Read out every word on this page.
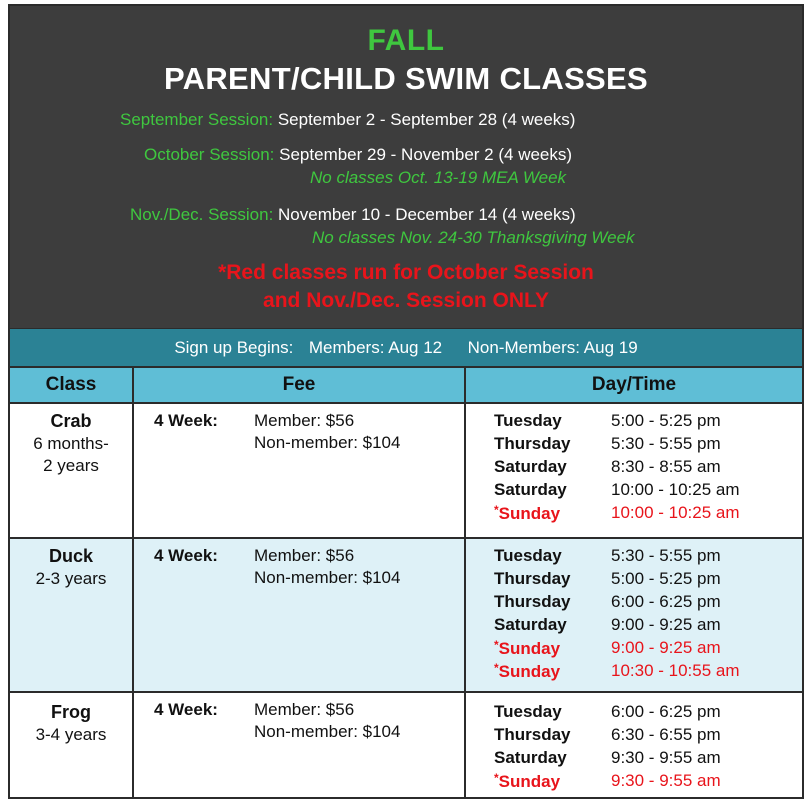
FALL
PARENT/CHILD SWIM CLASSES
September Session: September 2 - September 28 (4 weeks)
October Session: September 29 - November 2 (4 weeks)
No classes Oct. 13-19 MEA Week
Nov./Dec. Session: November 10 - December 14 (4 weeks)
No classes Nov. 24-30 Thanksgiving Week
*Red classes run for October Session
and Nov./Dec. Session ONLY
Sign up Begins: Members: Aug 12 Non-Members: Aug 19
Class	Fee	Day/Time
Crab
6 months-
2 years
4 Week: Member: $56
Non-member: $104
Tuesday	5:00 - 5:25 pm
Thursday 5:30 - 5:55 pm
Saturday	8:30 - 8:55 am
Saturday	10:00 - 10:25 am
*Sunday	10:00 - 10:25 am
Duck
2-3 years
4 Week: Member: $56
Non-member: $104
Tuesday	5:30 - 5:55 pm
Thursday 5:00 - 5:25 pm
Thursday 6:00 - 6:25 pm
Saturday	9:00 - 9:25 am
*Sunday	9:00 - 9:25 am
*Sunday	10:30 - 10:55 am
Frog
3-4 years
4 Week: Member: $56
Non-member: $104
Tuesday	6:00 - 6:25 pm
Thursday 6:30 - 6:55 pm
Saturday	9:30 - 9:55 am
*Sunday	9:30 - 9:55 am
